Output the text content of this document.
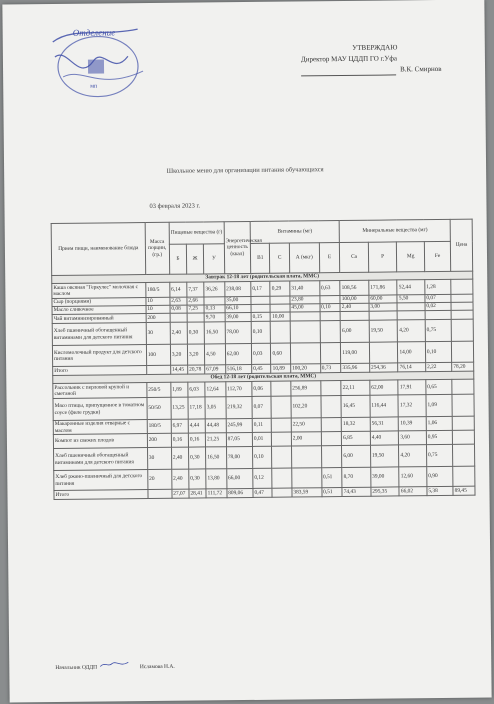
Отделение
мп
УТВЕРЖДАЮ
Директор МАУ ЦДДП ГО г.Уфа
В.К. Смирнов
Школьное меню для организации питания обучающихся
03 февраля 2023 г.
Прием пищи, наименование блюда	Масса порции, (гр.)	Пищевые вещества (г)			Энергетическая ценность (ккал)	Витамины (мг)				Минеральные вещества (мг)				Цена
		Б	Ж	У		В1	С	А (мкг)	Е	Ca	P	Mg	Fe	
Завтрак 12-18 лет (родительская плата, ММС)														
Каша овсяная "Геркулес" молочная с маслом	180/5	6,14	7,37	36,26	238,08	0,17	0,29	31,40	0,63	108,56	171,86	52,44	1,28	
Сыр (порциями)	10	2,63	2,66		35,00			23,80		100,00	60,00	5,50	0,07	
Масло сливочное	10	0,08	7,25	0,13	66,10			45,00	0,10	2,40	3,00		0,02	
Чай витаминизированный	200			9,70	39,00	0,15	10,00							
Хлеб пшеничный обогащенный витаминами для детского питания	30	2,40	0,30	16,50	78,00	0,10				6,00	19,50	4,20	0,75	
Кисломолочный продукт для детского питания	100	3,20	3,20	4,50	62,00	0,03	0,60			119,00		14,00	0,10	
Итого		14,45	20,78	67,09	516,18	0,45	10,89	100,20	0,73	335,96	254,36	76,14	2,22	78,20
Обед 12-18 лет (родительская плата, ММС)														
Рассольник с перловой крупой и сметаной	250/5	1,89	6,03	12,64	112,70	0,06		256,89		22,11	62,00	17,91	0,65	
Мясо птицы, припущенное в томатном соусе (филе грудки)	50/50	13,25	17,18	3,05	219,32	0,07		102,20		16,45	116,44	17,32	1,09	
Макаронные изделия отварные с маслом	180/5	6,97	4,44	44,48	245,99	0,11		22,50		18,32	56,31	10,39	1,06	
Компот из свежих плодов	200	0,16	0,16	21,25	87,05	0,01		2,00		6,85	4,40	3,60	0,95	
Хлеб пшеничный обогащенный витаминами для детского питания	30	2,40	0,30	16,50	78,00	0,10				6,00	19,50	4,20	0,75	
Хлеб ржано-пшеничный для детского питания	20	2,40	0,30	13,80	66,00	0,12			0,51	8,70	39,00	12,60	0,90	
Итого		27,07	28,41	111,72	809,06	0,47		383,59	0,51	74,43	295,35	66,02	5,38	89,45
Начальник ОДДП	Исламова Н.А.
